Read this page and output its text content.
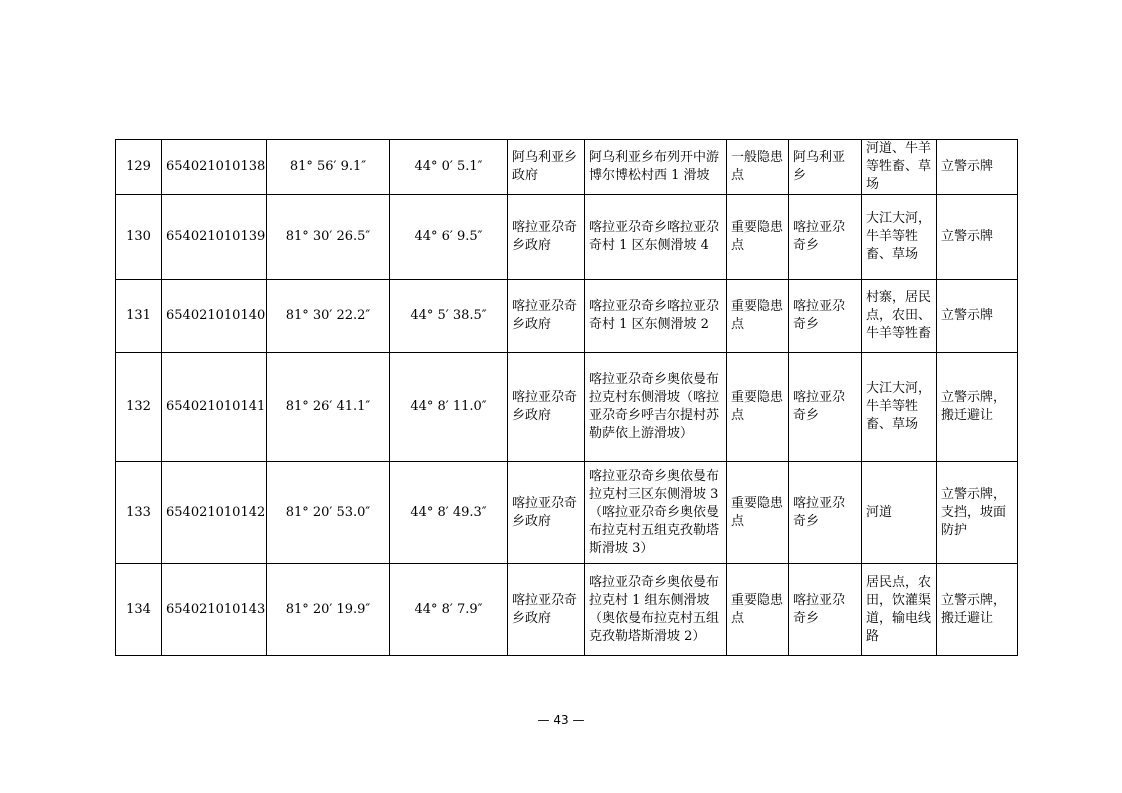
129	654021010138	81° 56′ 9.1″	44° 0′ 5.1″	阿乌利亚乡政府	阿乌利亚乡布列开中游博尔博松村西 1 滑坡	一般隐患点	阿乌利亚乡	河道、牛羊等牲畜、草场	立警示牌
130	654021010139	81° 30′ 26.5″	44° 6′ 9.5″	喀拉亚尕奇乡政府	喀拉亚尕奇乡喀拉亚尕奇村 1 区东侧滑坡 4	重要隐患点	喀拉亚尕奇乡	大江大河，牛羊等牲畜、草场	立警示牌
131	654021010140	81° 30′ 22.2″	44° 5′ 38.5″	喀拉亚尕奇乡政府	喀拉亚尕奇乡喀拉亚尕奇村 1 区东侧滑坡 2	重要隐患点	喀拉亚尕奇乡	村寨，居民点，农田、牛羊等牲畜	立警示牌
132	654021010141	81° 26′ 41.1″	44° 8′ 11.0″	喀拉亚尕奇乡政府	喀拉亚尕奇乡奥依曼布拉克村东侧滑坡（喀拉亚尕奇乡呼吉尔提村苏勒萨依上游滑坡）	重要隐患点	喀拉亚尕奇乡	大江大河，牛羊等牲畜、草场	立警示牌，搬迁避让
133	654021010142	81° 20′ 53.0″	44° 8′ 49.3″	喀拉亚尕奇乡政府	喀拉亚尕奇乡奥依曼布拉克村三区东侧滑坡 3（喀拉亚尕奇乡奥依曼布拉克村五组克孜勒塔斯滑坡 3）	重要隐患点	喀拉亚尕奇乡	河道	立警示牌，支挡，坡面防护
134	654021010143	81° 20′ 19.9″	44° 8′ 7.9″	喀拉亚尕奇乡政府	喀拉亚尕奇乡奥依曼布拉克村 1 组东侧滑坡（奥依曼布拉克村五组克孜勒塔斯滑坡 2）	重要隐患点	喀拉亚尕奇乡	居民点，农田，饮灌渠道，输电线路	立警示牌，搬迁避让
— 43 —
